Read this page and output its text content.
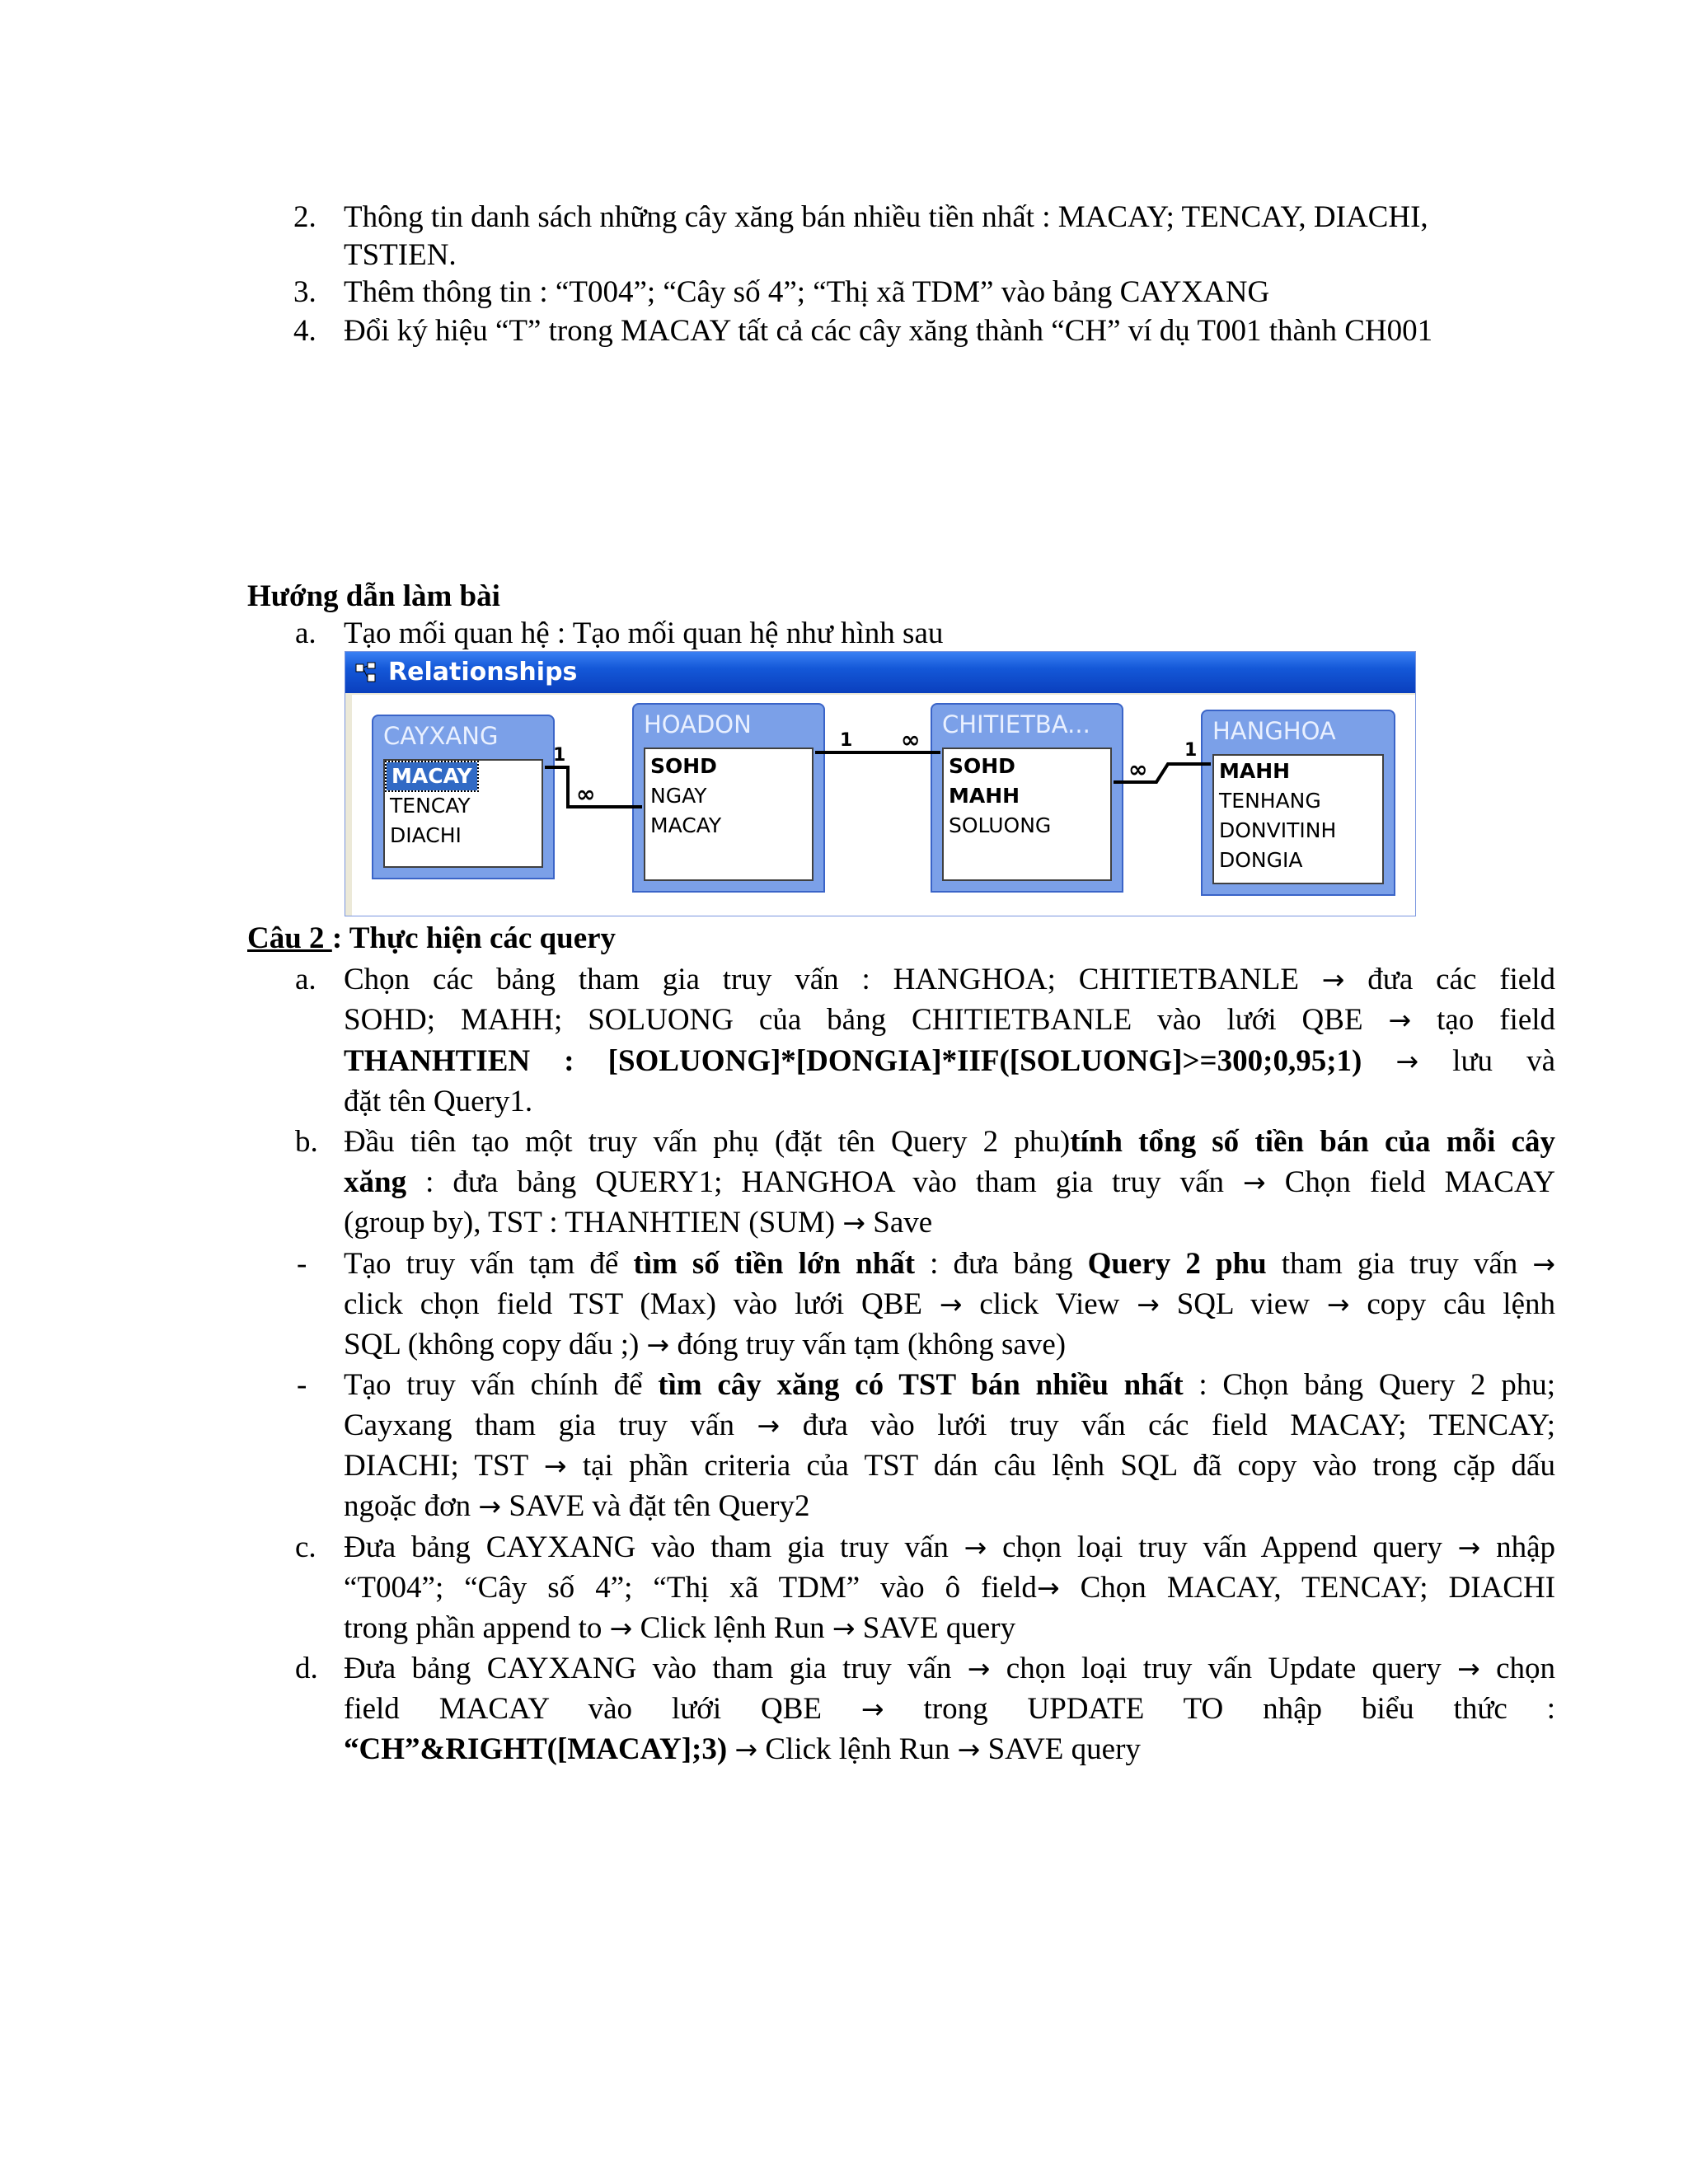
2. Thông tin danh sách những cây xăng bán nhiều tiền nhất : MACAY; TENCAY, DIACHI,
TSTIEN.
3. Thêm thông tin : “T004”; “Cây số 4”; “Thị xã TDM” vào bảng CAYXANG
4. Đổi ký hiệu “T” trong MACAY tất cả các cây xăng thành “CH” ví dụ T001 thành CH001
Hướng dẫn làm bài
a. Tạo mối quan hệ : Tạo mối quan hệ như hình sau
Relationships
CAYXANG
MACAY
TENCAY
DIACHI
HOADON
SOHD
NGAY
MACAY
CHITIETBA...
SOHD
MAHH
SOLUONG
HANGHOA
MAHH
TENHANG
DONVITINH
DONGIA
1
∞
1 ∞
∞
1
Câu 2 : Thực hiện các query
a. Chọn các bảng tham gia truy vấn : HANGHOA; CHITIETBANLE → đưa các field
SOHD; MAHH; SOLUONG của bảng CHITIETBANLE vào lưới QBE → tạo field
THANHTIEN : [SOLUONG]*[DONGIA]*IIF([SOLUONG]>=300;0,95;1) → lưu và
đặt tên Query1.
b. Đầu tiên tạo một truy vấn phụ (đặt tên Query 2 phu)tính tổng số tiền bán của mỗi cây
xăng : đưa bảng QUERY1; HANGHOA vào tham gia truy vấn → Chọn field MACAY
(group by), TST : THANHTIEN (SUM) → Save
- Tạo truy vấn tạm để tìm số tiền lớn nhất : đưa bảng Query 2 phu tham gia truy vấn →
click chọn field TST (Max) vào lưới QBE → click View → SQL view → copy câu lệnh
SQL (không copy dấu ;) → đóng truy vấn tạm (không save)
- Tạo truy vấn chính để tìm cây xăng có TST bán nhiều nhất : Chọn bảng Query 2 phu;
Cayxang tham gia truy vấn → đưa vào lưới truy vấn các field MACAY; TENCAY;
DIACHI; TST → tại phần criteria của TST dán câu lệnh SQL đã copy vào trong cặp dấu
ngoặc đơn → SAVE và đặt tên Query2
c. Đưa bảng CAYXANG vào tham gia truy vấn → chọn loại truy vấn Append query → nhập
“T004”; “Cây số 4”; “Thị xã TDM” vào ô field→ Chọn MACAY, TENCAY; DIACHI
trong phần append to → Click lệnh Run → SAVE query
d. Đưa bảng CAYXANG vào tham gia truy vấn → chọn loại truy vấn Update query → chọn
field MACAY vào lưới QBE → trong UPDATE TO nhập biểu thức :
“CH”&RIGHT([MACAY];3) → Click lệnh Run → SAVE query
